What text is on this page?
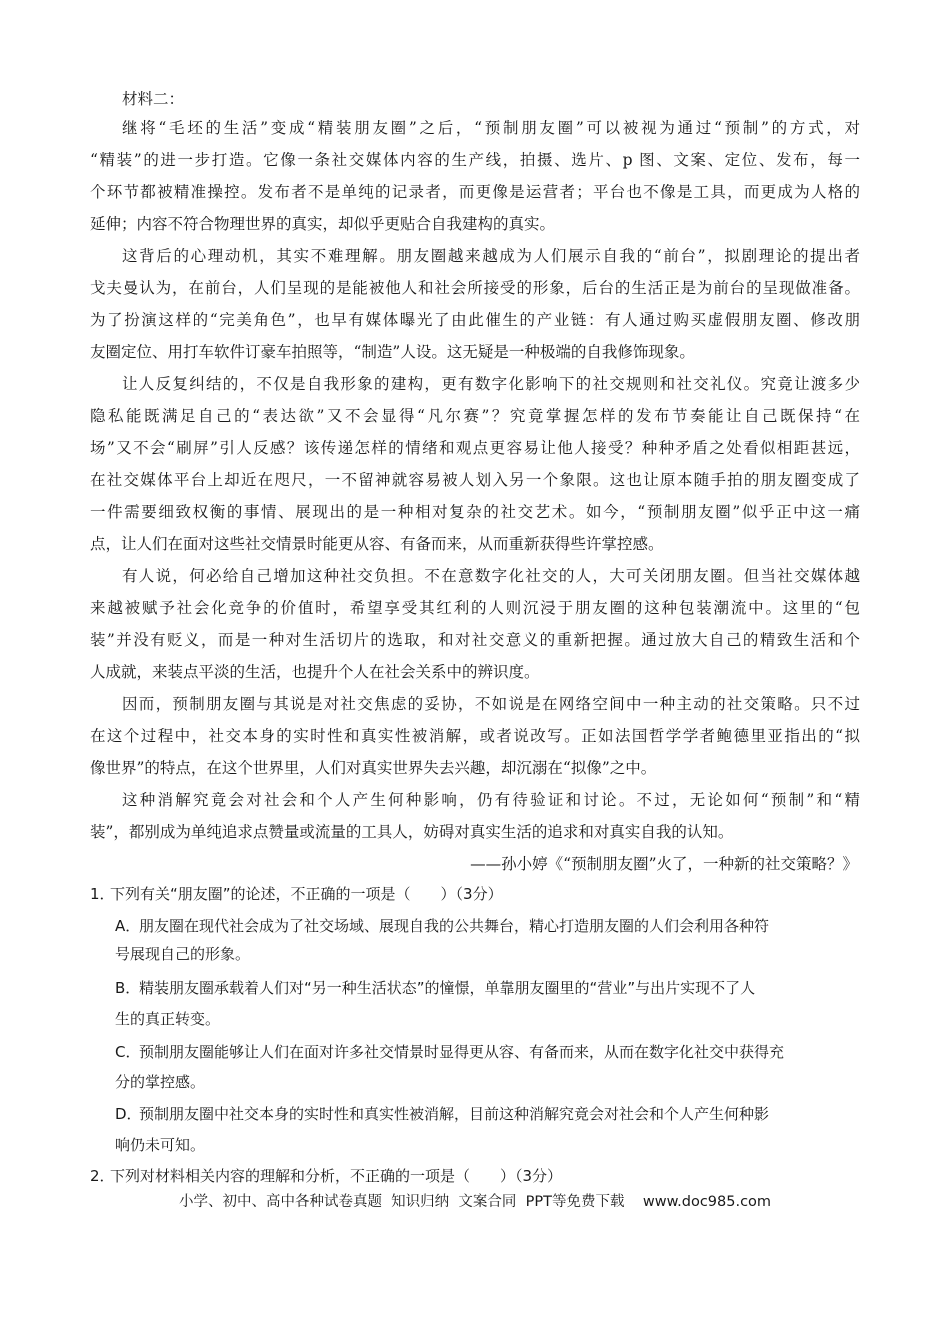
材料二：
继将“毛坯的生活”变成“精装朋友圈”之后，“预制朋友圈”可以被视为通过“预制”的方式，对
“精装”的进一步打造。它像一条社交媒体内容的生产线，拍摄、选片、p 图、文案、定位、发布，每一
个环节都被精准操控。发布者不是单纯的记录者，而更像是运营者；平台也不像是工具，而更成为人格的
延伸；内容不符合物理世界的真实，却似乎更贴合自我建构的真实。
这背后的心理动机，其实不难理解。朋友圈越来越成为人们展示自我的“前台”，拟剧理论的提出者
戈夫曼认为，在前台，人们呈现的是能被他人和社会所接受的形象，后台的生活正是为前台的呈现做准备。
为了扮演这样的“完美角色”，也早有媒体曝光了由此催生的产业链：有人通过购买虚假朋友圈、修改朋
友圈定位、用打车软件订豪车拍照等，“制造”人设。这无疑是一种极端的自我修饰现象。
让人反复纠结的，不仅是自我形象的建构，更有数字化影响下的社交规则和社交礼仪。究竟让渡多少
隐私能既满足自己的“表达欲”又不会显得“凡尔赛”？究竟掌握怎样的发布节奏能让自己既保持“在
场”又不会“刷屏”引人反感？该传递怎样的情绪和观点更容易让他人接受？种种矛盾之处看似相距甚远，
在社交媒体平台上却近在咫尺，一不留神就容易被人划入另一个象限。这也让原本随手拍的朋友圈变成了
一件需要细致权衡的事情、展现出的是一种相对复杂的社交艺术。如今，“预制朋友圈”似乎正中这一痛
点，让人们在面对这些社交情景时能更从容、有备而来，从而重新获得些许掌控感。
有人说，何必给自己增加这种社交负担。不在意数字化社交的人，大可关闭朋友圈。但当社交媒体越
来越被赋予社会化竞争的价值时，希望享受其红利的人则沉浸于朋友圈的这种包装潮流中。这里的“包
装”并没有贬义，而是一种对生活切片的选取，和对社交意义的重新把握。通过放大自己的精致生活和个
人成就，来装点平淡的生活，也提升个人在社会关系中的辨识度。
因而，预制朋友圈与其说是对社交焦虑的妥协，不如说是在网络空间中一种主动的社交策略。只不过
在这个过程中，社交本身的实时性和真实性被消解，或者说改写。正如法国哲学学者鲍德里亚指出的“拟
像世界”的特点，在这个世界里，人们对真实世界失去兴趣，却沉溺在“拟像”之中。
这种消解究竟会对社会和个人产生何种影响，仍有待验证和讨论。不过，无论如何“预制”和“精
装”，都别成为单纯追求点赞量或流量的工具人，妨碍对真实生活的追求和对真实自我的认知。
——孙小婷《“预制朋友圈”火了，一种新的社交策略？》
1．下列有关“朋友圈”的论述，不正确的一项是（　　）（3分）
A．朋友圈在现代社会成为了社交场域、展现自我的公共舞台，精心打造朋友圈的人们会利用各种符
号展现自己的形象。
B．精装朋友圈承载着人们对“另一种生活状态”的憧憬，单靠朋友圈里的“营业”与出片实现不了人
生的真正转变。
C．预制朋友圈能够让人们在面对许多社交情景时显得更从容、有备而来，从而在数字化社交中获得充
分的掌控感。
D．预制朋友圈中社交本身的实时性和真实性被消解，目前这种消解究竟会对社会和个人产生何种影
响仍未可知。
2．下列对材料相关内容的理解和分析，不正确的一项是（　　）（3分）
小学、初中、高中各种试卷真题  知识归纳  文案合同  PPT等免费下载    www.doc985.com
